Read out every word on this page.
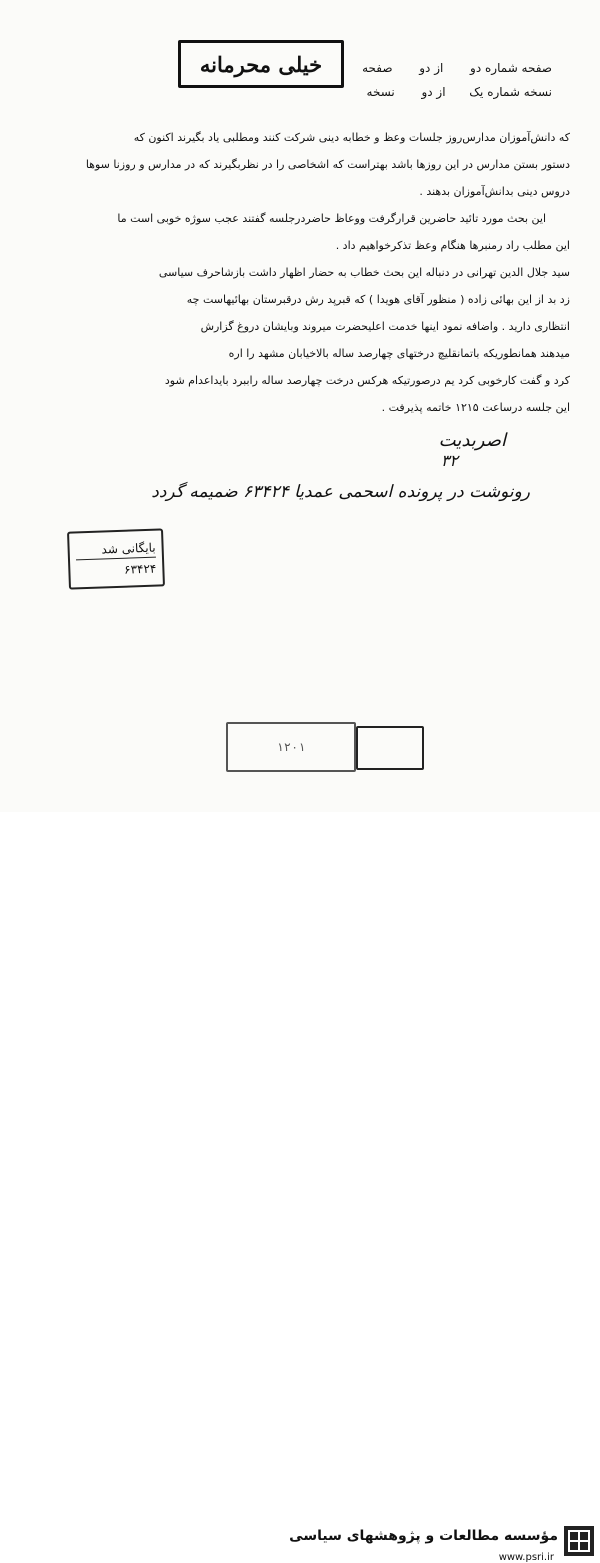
خیلی محرمانه	صفحه شماره دو از دو صفحه
نسخه شماره یک از دو نسخه
که دانش‌آموزان مدارس‌روز جلسات وعظ و خطابه دینی شرکت کنند ومطلبی یاد بگیرند اکنون که
دستور بستن مدارس در این روزها باشد بهتراست که اشخاصی را در نظربگیرند که در مدارس و روزنا سوها
دروس دینی بدانش‌آموزان بدهند .
این بحث مورد تائید حاضرین قرارگرفت ووعاظ حاضردرجلسه گفتند عجب سوژه خوبی است ما
این مطلب راد رمنبرها هنگام وعظ تذکرخواهیم داد .
سید جلال الدین تهرانی در دنباله این بحث خطاب به حضار اظهار داشت بازشاحرف سیاسی
زد بد از این بهائی زاده ( منظور آقای هویدا ) که قبرپد رش درقبرستان بهائیهاست چه
انتظاری دارید . واضافه نمود اینها خدمت اعلیحضرت میروند وبایشان دروغ گزارش
میدهند همانطوریکه باتمانقلیچ درختهای چهارصد ساله بالاخیابان مشهد را اره
کرد و گفت کارخوبی کرد یم درصورتیکه هرکس درخت چهارصد ساله راببرد بایداعدام شود
این جلسه درساعت ۱۲۱۵ خاتمه پذیرفت .
اصربدیت
۳۲
رونوشت در پرونده اسحمی عمدیا ۶۳۴۲۴ ضمیمه گردد
بایگانی شد
۶۳۴۲۴
۱۲۰۱
مؤسسه مطالعات و پژوهشهای سیاسی
www.psri.ir
